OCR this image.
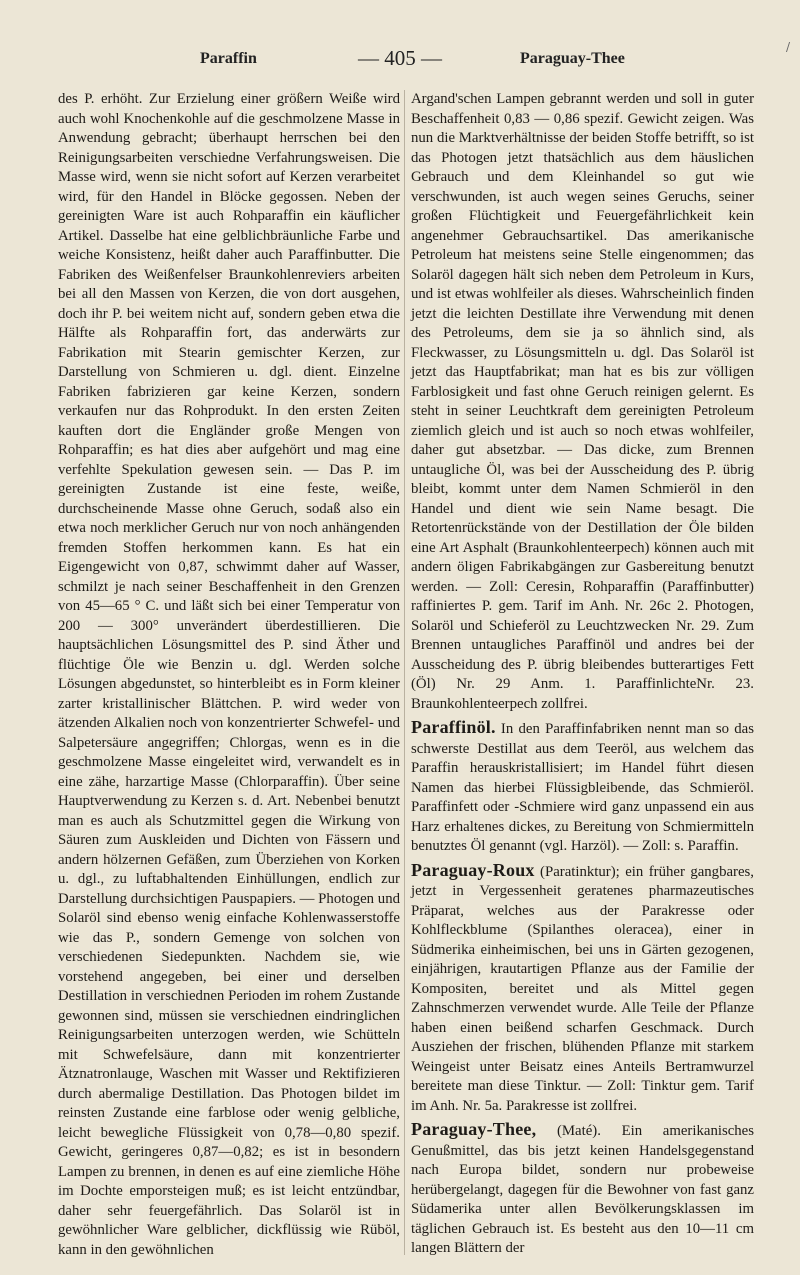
Paraffin	— 405 —	Paraguay-Thee
/

des P. erhöht. Zur Erzielung einer größern Weiße wird auch wohl Knochenkohle auf die geschmolzene Masse in Anwendung gebracht; überhaupt herrschen bei den Reinigungsarbeiten verschiedne Verfahrungsweisen. Die Masse wird, wenn sie nicht sofort auf Kerzen verarbeitet wird, für den Handel in Blöcke gegossen. Neben der gereinigten Ware ist auch Rohparaffin ein käuflicher Artikel. Dasselbe hat eine gelblichbräunliche Farbe und weiche Konsistenz, heißt daher auch Paraffinbutter. Die Fabriken des Weißenfelser Braunkohlenreviers arbeiten bei all den Massen von Kerzen, die von dort ausgehen, doch ihr P. bei weitem nicht auf, sondern geben etwa die Hälfte als Rohparaffin fort, das anderwärts zur Fabrikation mit Stearin gemischter Kerzen, zur Darstellung von Schmieren u. dgl. dient. Einzelne Fabriken fabrizieren gar keine Kerzen, sondern verkaufen nur das Rohprodukt. In den ersten Zeiten kauften dort die Engländer große Mengen von Rohparaffin; es hat dies aber aufgehört und mag eine verfehlte Spekulation gewesen sein. — Das P. im gereinigten Zustande ist eine feste, weiße, durchscheinende Masse ohne Geruch, sodaß also ein etwa noch merklicher Geruch nur von noch anhängenden fremden Stoffen herkommen kann. Es hat ein Eigengewicht von 0,87, schwimmt daher auf Wasser, schmilzt je nach seiner Beschaffenheit in den Grenzen von 45—65 ° C. und läßt sich bei einer Temperatur von 200 — 300° unverändert überdestillieren. Die hauptsächlichen Lösungsmittel des P. sind Äther und flüchtige Öle wie Benzin u. dgl. Werden solche Lösungen abgedunstet, so hinterbleibt es in Form kleiner zarter kristallinischer Blättchen. P. wird weder von ätzenden Alkalien noch von konzentrierter Schwefel- und Salpetersäure angegriffen; Chlorgas, wenn es in die geschmolzene Masse eingeleitet wird, verwandelt es in eine zähe, harzartige Masse (Chlorparaffin). Über seine Hauptverwendung zu Kerzen s. d. Art. Nebenbei benutzt man es auch als Schutzmittel gegen die Wirkung von Säuren zum Auskleiden und Dichten von Fässern und andern hölzernen Gefäßen, zum Überziehen von Korken u. dgl., zu luftabhaltenden Einhüllungen, endlich zur Darstellung durchsichtigen Pauspapiers. — Photogen und Solaröl sind ebenso wenig einfache Kohlenwasserstoffe wie das P., sondern Gemenge von solchen von verschiedenen Siedepunkten. Nachdem sie, wie vorstehend angegeben, bei einer und derselben Destillation in verschiednen Perioden im rohem Zustande gewonnen sind, müssen sie verschiednen eindringlichen Reinigungsarbeiten unterzogen werden, wie Schütteln mit Schwefelsäure, dann mit konzentrierter Ätznatronlauge, Waschen mit Wasser und Rektifizieren durch abermalige Destillation. Das Photogen bildet im reinsten Zustande eine farblose oder wenig gelbliche, leicht bewegliche Flüssigkeit von 0,78—0,80 spezif. Gewicht, geringeres 0,87—0,82; es ist in besondern Lampen zu brennen, in denen es auf eine ziemliche Höhe im Dochte emporsteigen muß; es ist leicht entzündbar, daher sehr feuergefährlich. Das Solaröl ist in gewöhnlicher Ware gelblicher, dickflüssig wie Rüböl, kann in den gewöhnlichen

Argand'schen Lampen gebrannt werden und soll in guter Beschaffenheit 0,83 — 0,86 spezif. Gewicht zeigen. Was nun die Marktverhältnisse der beiden Stoffe betrifft, so ist das Photogen jetzt thatsächlich aus dem häuslichen Gebrauch und dem Kleinhandel so gut wie verschwunden, ist auch wegen seines Geruchs, seiner großen Flüchtigkeit und Feuergefährlichkeit kein angenehmer Gebrauchsartikel. Das amerikanische Petroleum hat meistens seine Stelle eingenommen; das Solaröl dagegen hält sich neben dem Petroleum in Kurs, und ist etwas wohlfeiler als dieses. Wahrscheinlich finden jetzt die leichten Destillate ihre Verwendung mit denen des Petroleums, dem sie ja so ähnlich sind, als Fleckwasser, zu Lösungsmitteln u. dgl. Das Solaröl ist jetzt das Hauptfabrikat; man hat es bis zur völligen Farblosigkeit und fast ohne Geruch reinigen gelernt. Es steht in seiner Leuchtkraft dem gereinigten Petroleum ziemlich gleich und ist auch so noch etwas wohlfeiler, daher gut absetzbar. — Das dicke, zum Brennen untaugliche Öl, was bei der Ausscheidung des P. übrig bleibt, kommt unter dem Namen Schmieröl in den Handel und dient wie sein Name besagt. Die Retortenrückstände von der Destillation der Öle bilden eine Art Asphalt (Braunkohlenteerpech) können auch mit andern öligen Fabrikabgängen zur Gasbereitung benutzt werden. — Zoll: Ceresin, Rohparaffin (Paraffinbutter) raffiniertes P. gem. Tarif im Anh. Nr. 26c 2. Photogen, Solaröl und Schieferöl zu Leuchtzwecken Nr. 29. Zum Brennen untaugliches Paraffinöl und andres bei der Ausscheidung des P. übrig bleibendes butterartiges Fett (Öl) Nr. 29 Anm. 1. ParaffinlichteNr. 23. Braunkohlenteerpech zollfrei.

Paraffinöl. In den Paraffinfabriken nennt man so das schwerste Destillat aus dem Teeröl, aus welchem das Paraffin herauskristallisiert; im Handel führt diesen Namen das hierbei Flüssigbleibende, das Schmieröl. Paraffinfett oder -Schmiere wird ganz unpassend ein aus Harz erhaltenes dickes, zu Bereitung von Schmiermitteln benutztes Öl genannt (vgl. Harzöl). — Zoll: s. Paraffin.

Paraguay-Roux (Paratinktur); ein früher gangbares, jetzt in Vergessenheit geratenes pharmazeutisches Präparat, welches aus der Parakresse oder Kohlfleckblume (Spilanthes oleracea), einer in Südmerika einheimischen, bei uns in Gärten gezogenen, einjährigen, krautartigen Pflanze aus der Familie der Kompositen, bereitet und als Mittel gegen Zahnschmerzen verwendet wurde. Alle Teile der Pflanze haben einen beißend scharfen Geschmack. Durch Ausziehen der frischen, blühenden Pflanze mit starkem Weingeist unter Beisatz eines Anteils Bertramwurzel bereitete man diese Tinktur. — Zoll: Tinktur gem. Tarif im Anh. Nr. 5a. Parakresse ist zollfrei.

Paraguay-Thee, (Maté). Ein amerikanisches Genußmittel, das bis jetzt keinen Handelsgegenstand nach Europa bildet, sondern nur probeweise herübergelangt, dagegen für die Bewohner von fast ganz Südamerika unter allen Bevölkerungsklassen im täglichen Gebrauch ist. Es besteht aus den 10—11 cm langen Blättern der
